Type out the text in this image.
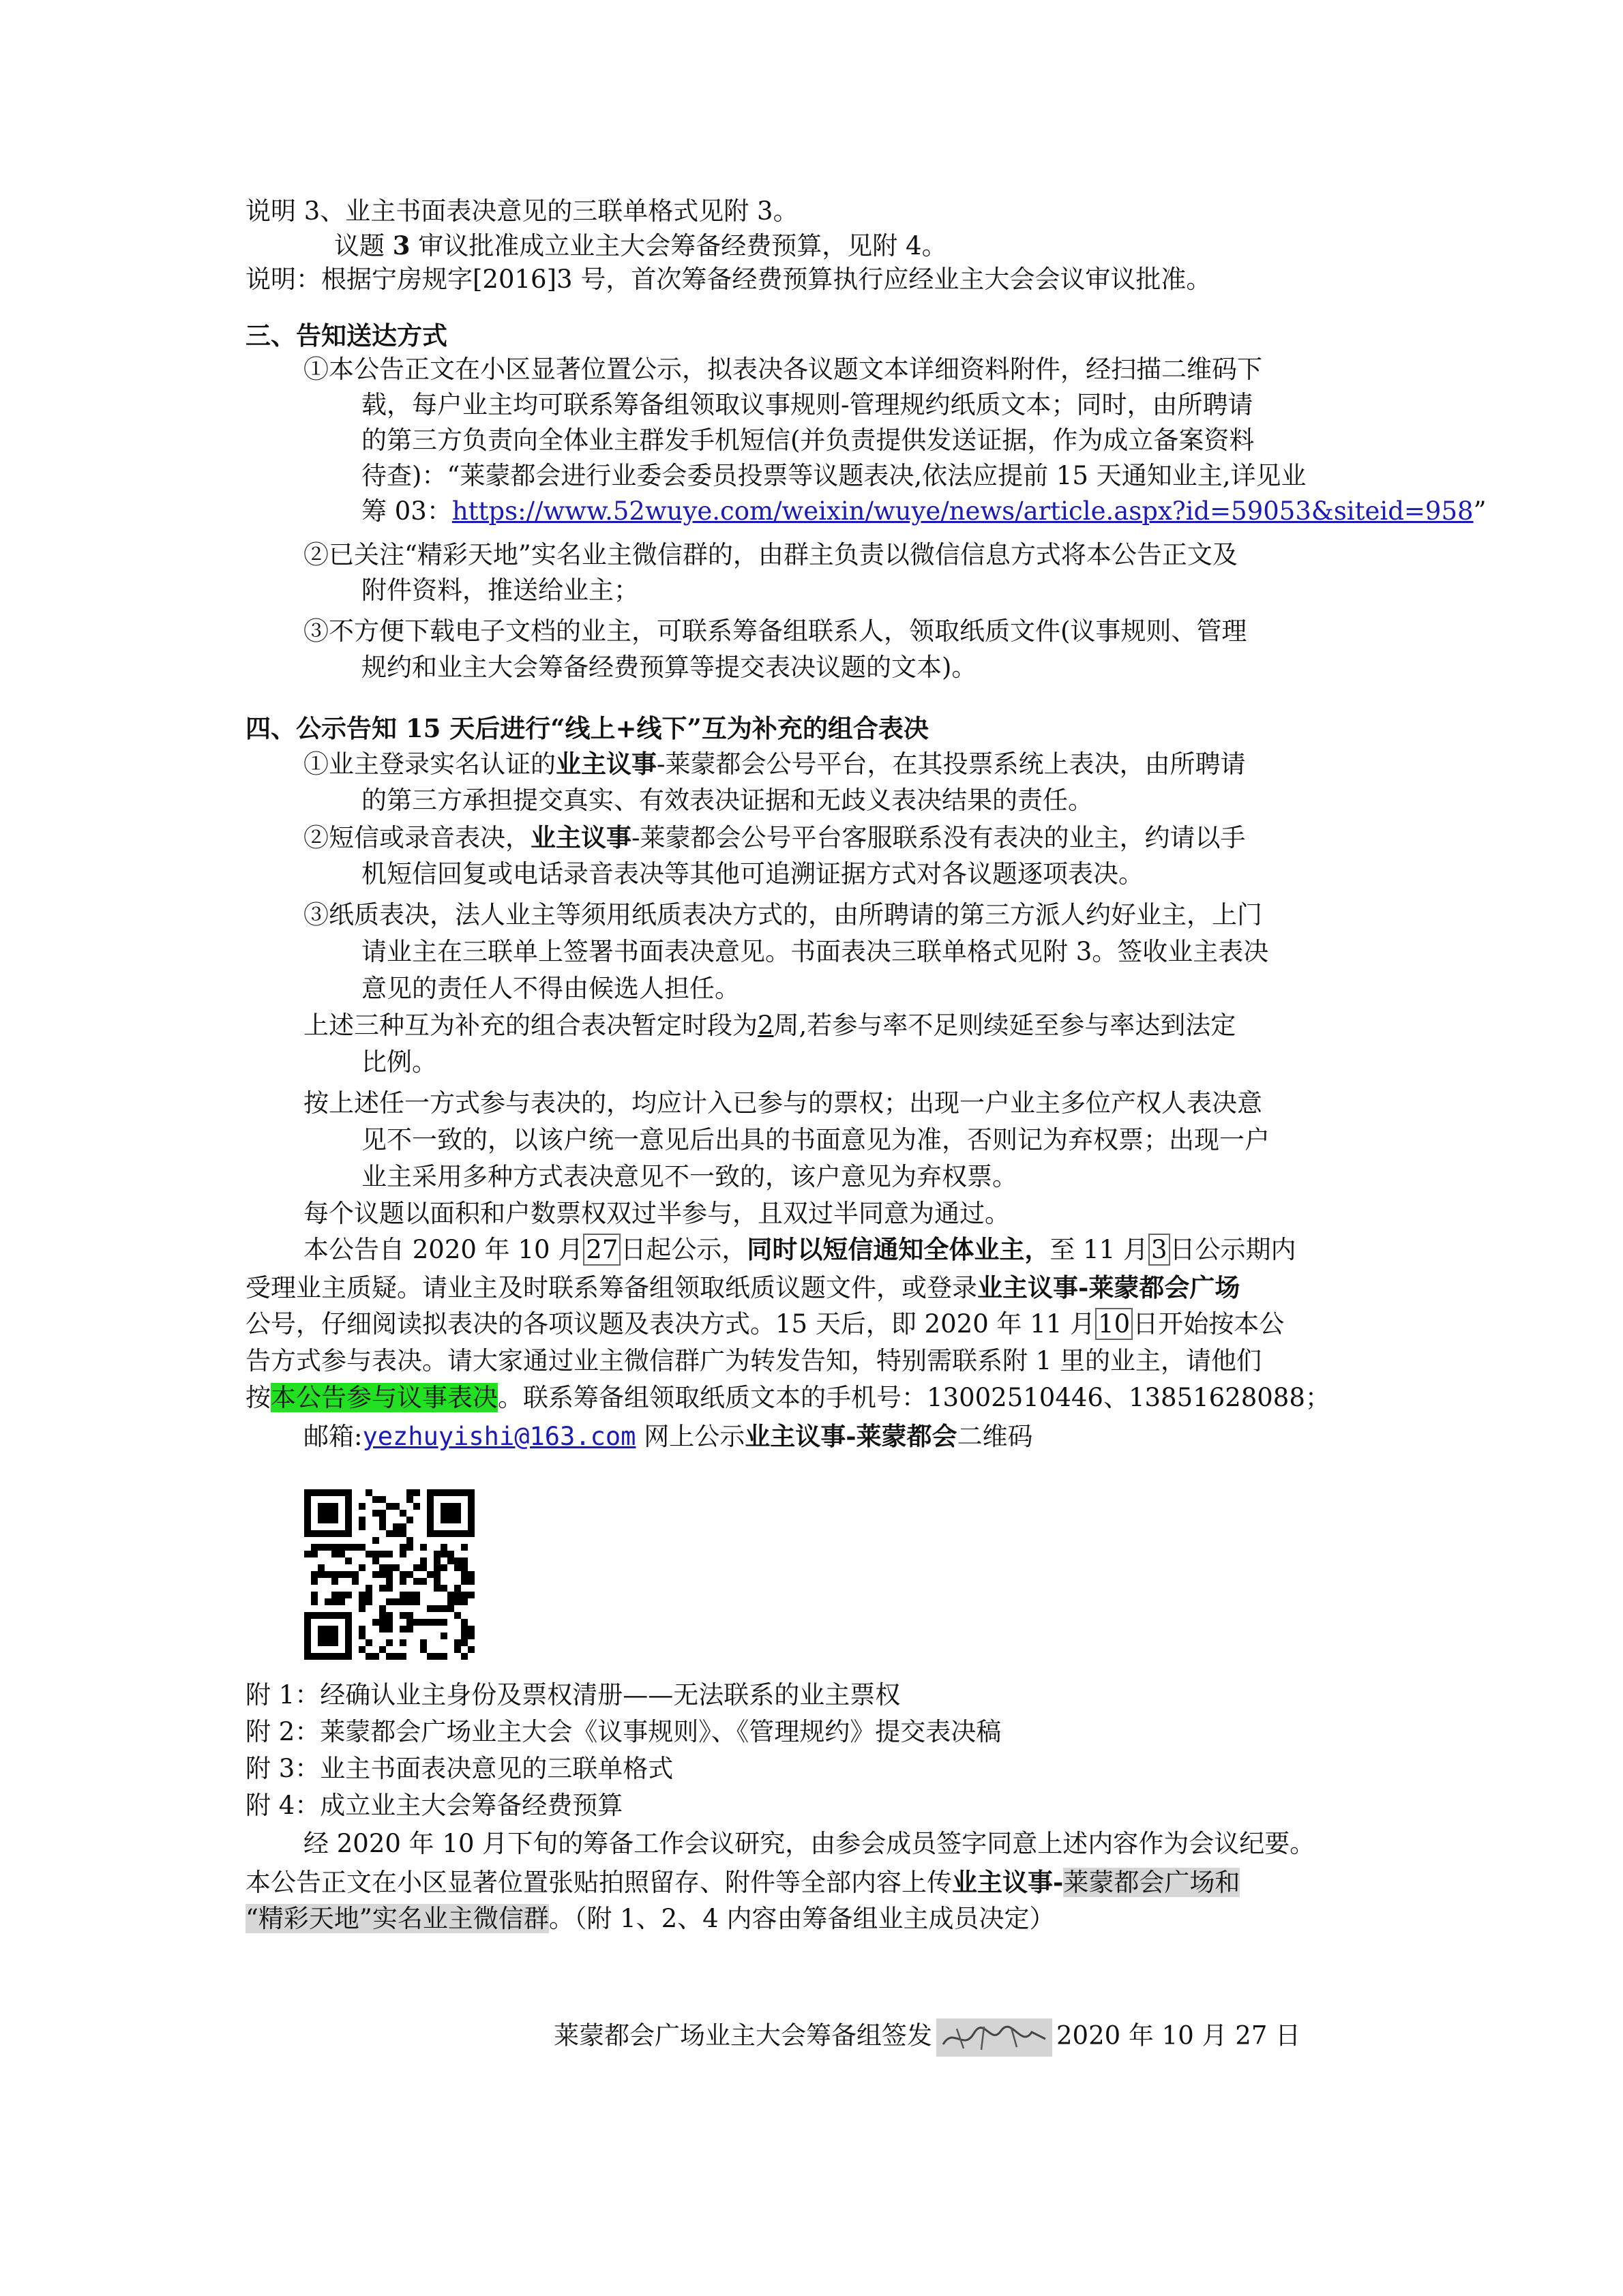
说明 3、业主书面表决意见的三联单格式见附 3。
议题 3 审议批准成立业主大会筹备经费预算，见附 4。
说明：根据宁房规字[2016]3 号，首次筹备经费预算执行应经业主大会会议审议批准。
三、告知送达方式
①本公告正文在小区显著位置公示，拟表决各议题文本详细资料附件，经扫描二维码下
载，每户业主均可联系筹备组领取议事规则-管理规约纸质文本；同时，由所聘请
的第三方负责向全体业主群发手机短信(并负责提供发送证据，作为成立备案资料
待查)：“莱蒙都会进行业委会委员投票等议题表决,依法应提前 15 天通知业主,详见业
筹 03：https://www.52wuye.com/weixin/wuye/news/article.aspx?id=59053&siteid=958”
②已关注“精彩天地”实名业主微信群的，由群主负责以微信信息方式将本公告正文及
附件资料，推送给业主；
③不方便下载电子文档的业主，可联系筹备组联系人，领取纸质文件(议事规则、管理
规约和业主大会筹备经费预算等提交表决议题的文本)。
四、公示告知 15 天后进行“线上+线下”互为补充的组合表决
①业主登录实名认证的业主议事-莱蒙都会公号平台，在其投票系统上表决，由所聘请
的第三方承担提交真实、有效表决证据和无歧义表决结果的责任。
②短信或录音表决，业主议事-莱蒙都会公号平台客服联系没有表决的业主，约请以手
机短信回复或电话录音表决等其他可追溯证据方式对各议题逐项表决。
③纸质表决，法人业主等须用纸质表决方式的，由所聘请的第三方派人约好业主，上门
请业主在三联单上签署书面表决意见。书面表决三联单格式见附 3。签收业主表决
意见的责任人不得由候选人担任。
上述三种互为补充的组合表决暂定时段为2周,若参与率不足则续延至参与率达到法定
比例。
按上述任一方式参与表决的，均应计入已参与的票权；出现一户业主多位产权人表决意
见不一致的，以该户统一意见后出具的书面意见为准，否则记为弃权票；出现一户
业主采用多种方式表决意见不一致的，该户意见为弃权票。
每个议题以面积和户数票权双过半参与，且双过半同意为通过。
本公告自 2020 年 10 月 27 日起公示，同时以短信通知全体业主，至 11 月 3 日公示期内
受理业主质疑。请业主及时联系筹备组领取纸质议题文件，或登录业主议事-莱蒙都会广场
公号，仔细阅读拟表决的各项议题及表决方式。15 天后，即 2020 年 11 月 10 日开始按本公
告方式参与表决。请大家通过业主微信群广为转发告知，特别需联系附 1 里的业主，请他们
按本公告参与议事表决。联系筹备组领取纸质文本的手机号：13002510446、13851628088；
邮箱:yezhuyishi@163.com 网上公示业主议事-莱蒙都会二维码
附 1：经确认业主身份及票权清册——无法联系的业主票权
附 2：莱蒙都会广场业主大会《议事规则》、《管理规约》提交表决稿
附 3：业主书面表决意见的三联单格式
附 4：成立业主大会筹备经费预算
经 2020 年 10 月下旬的筹备工作会议研究，由参会成员签字同意上述内容作为会议纪要。
本公告正文在小区显著位置张贴拍照留存、附件等全部内容上传业主议事-莱蒙都会广场和
“精彩天地”实名业主微信群。（附 1、2、4 内容由筹备组业主成员决定）
莱蒙都会广场业主大会筹备组签发	2020 年 10 月 27 日
